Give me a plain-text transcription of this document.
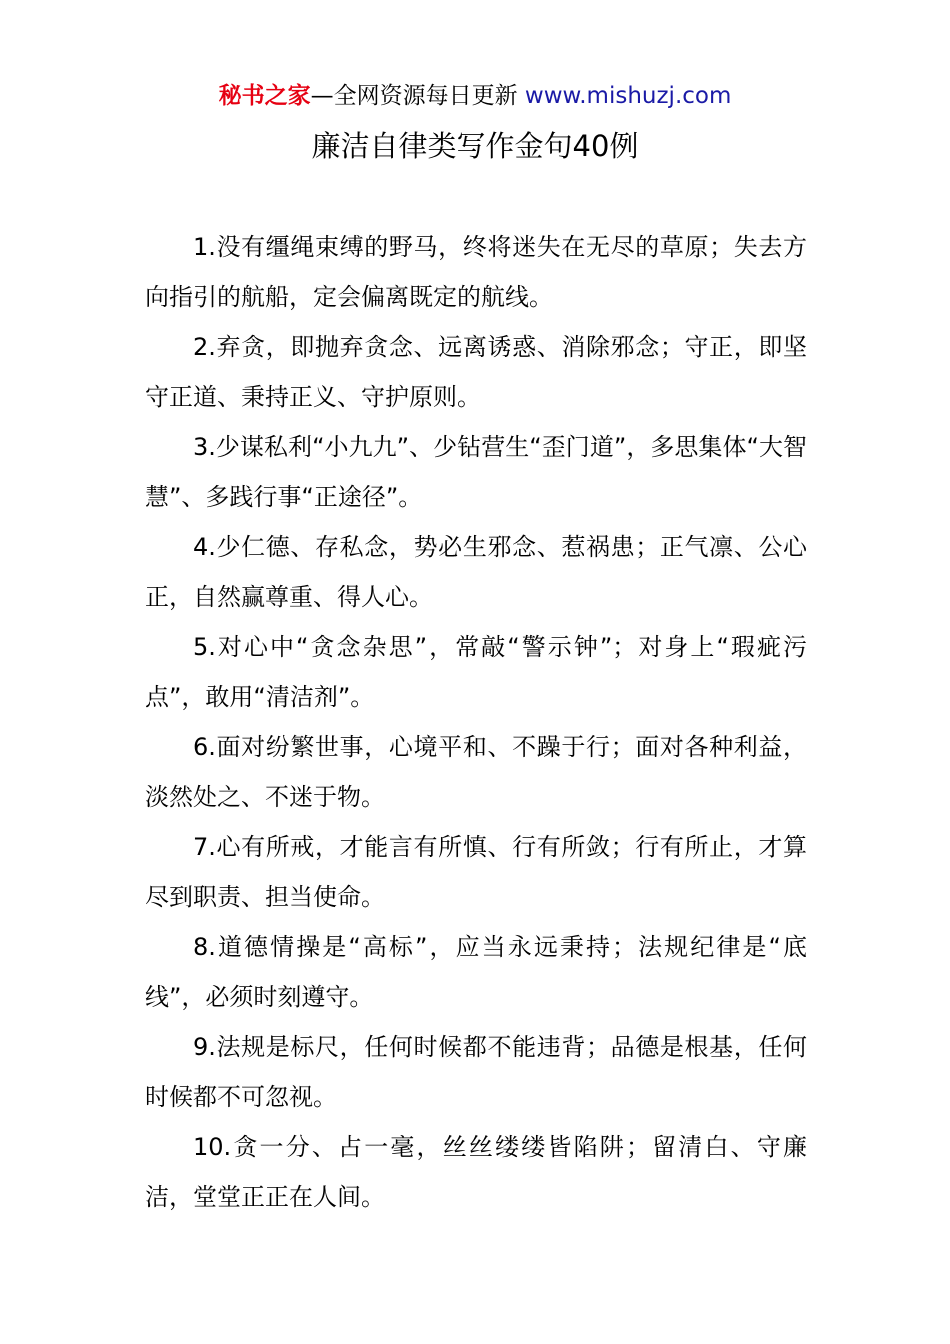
秘书之家—全网资源每日更新 www.mishuzj.com
廉洁自律类写作金句40例

1.没有缰绳束缚的野马，终将迷失在无尽的草原；失去方向指引的航船，定会偏离既定的航线。

2.弃贪，即抛弃贪念、远离诱惑、消除邪念；守正，即坚守正道、秉持正义、守护原则。

3.少谋私利“小九九”、少钻营生“歪门道”，多思集体“大智慧”、多践行事“正途径”。

4.少仁德、存私念，势必生邪念、惹祸患；正气凛、公心正，自然赢尊重、得人心。

5.对心中“贪念杂思”，常敲“警示钟”；对身上“瑕疵污点”，敢用“清洁剂”。

6.面对纷繁世事，心境平和、不躁于行；面对各种利益，淡然处之、不迷于物。

7.心有所戒，才能言有所慎、行有所敛；行有所止，才算尽到职责、担当使命。

8.道德情操是“高标”，应当永远秉持；法规纪律是“底线”，必须时刻遵守。

9.法规是标尺，任何时候都不能违背；品德是根基，任何时候都不可忽视。

10.贪一分、占一毫，丝丝缕缕皆陷阱；留清白、守廉洁，堂堂正正在人间。
